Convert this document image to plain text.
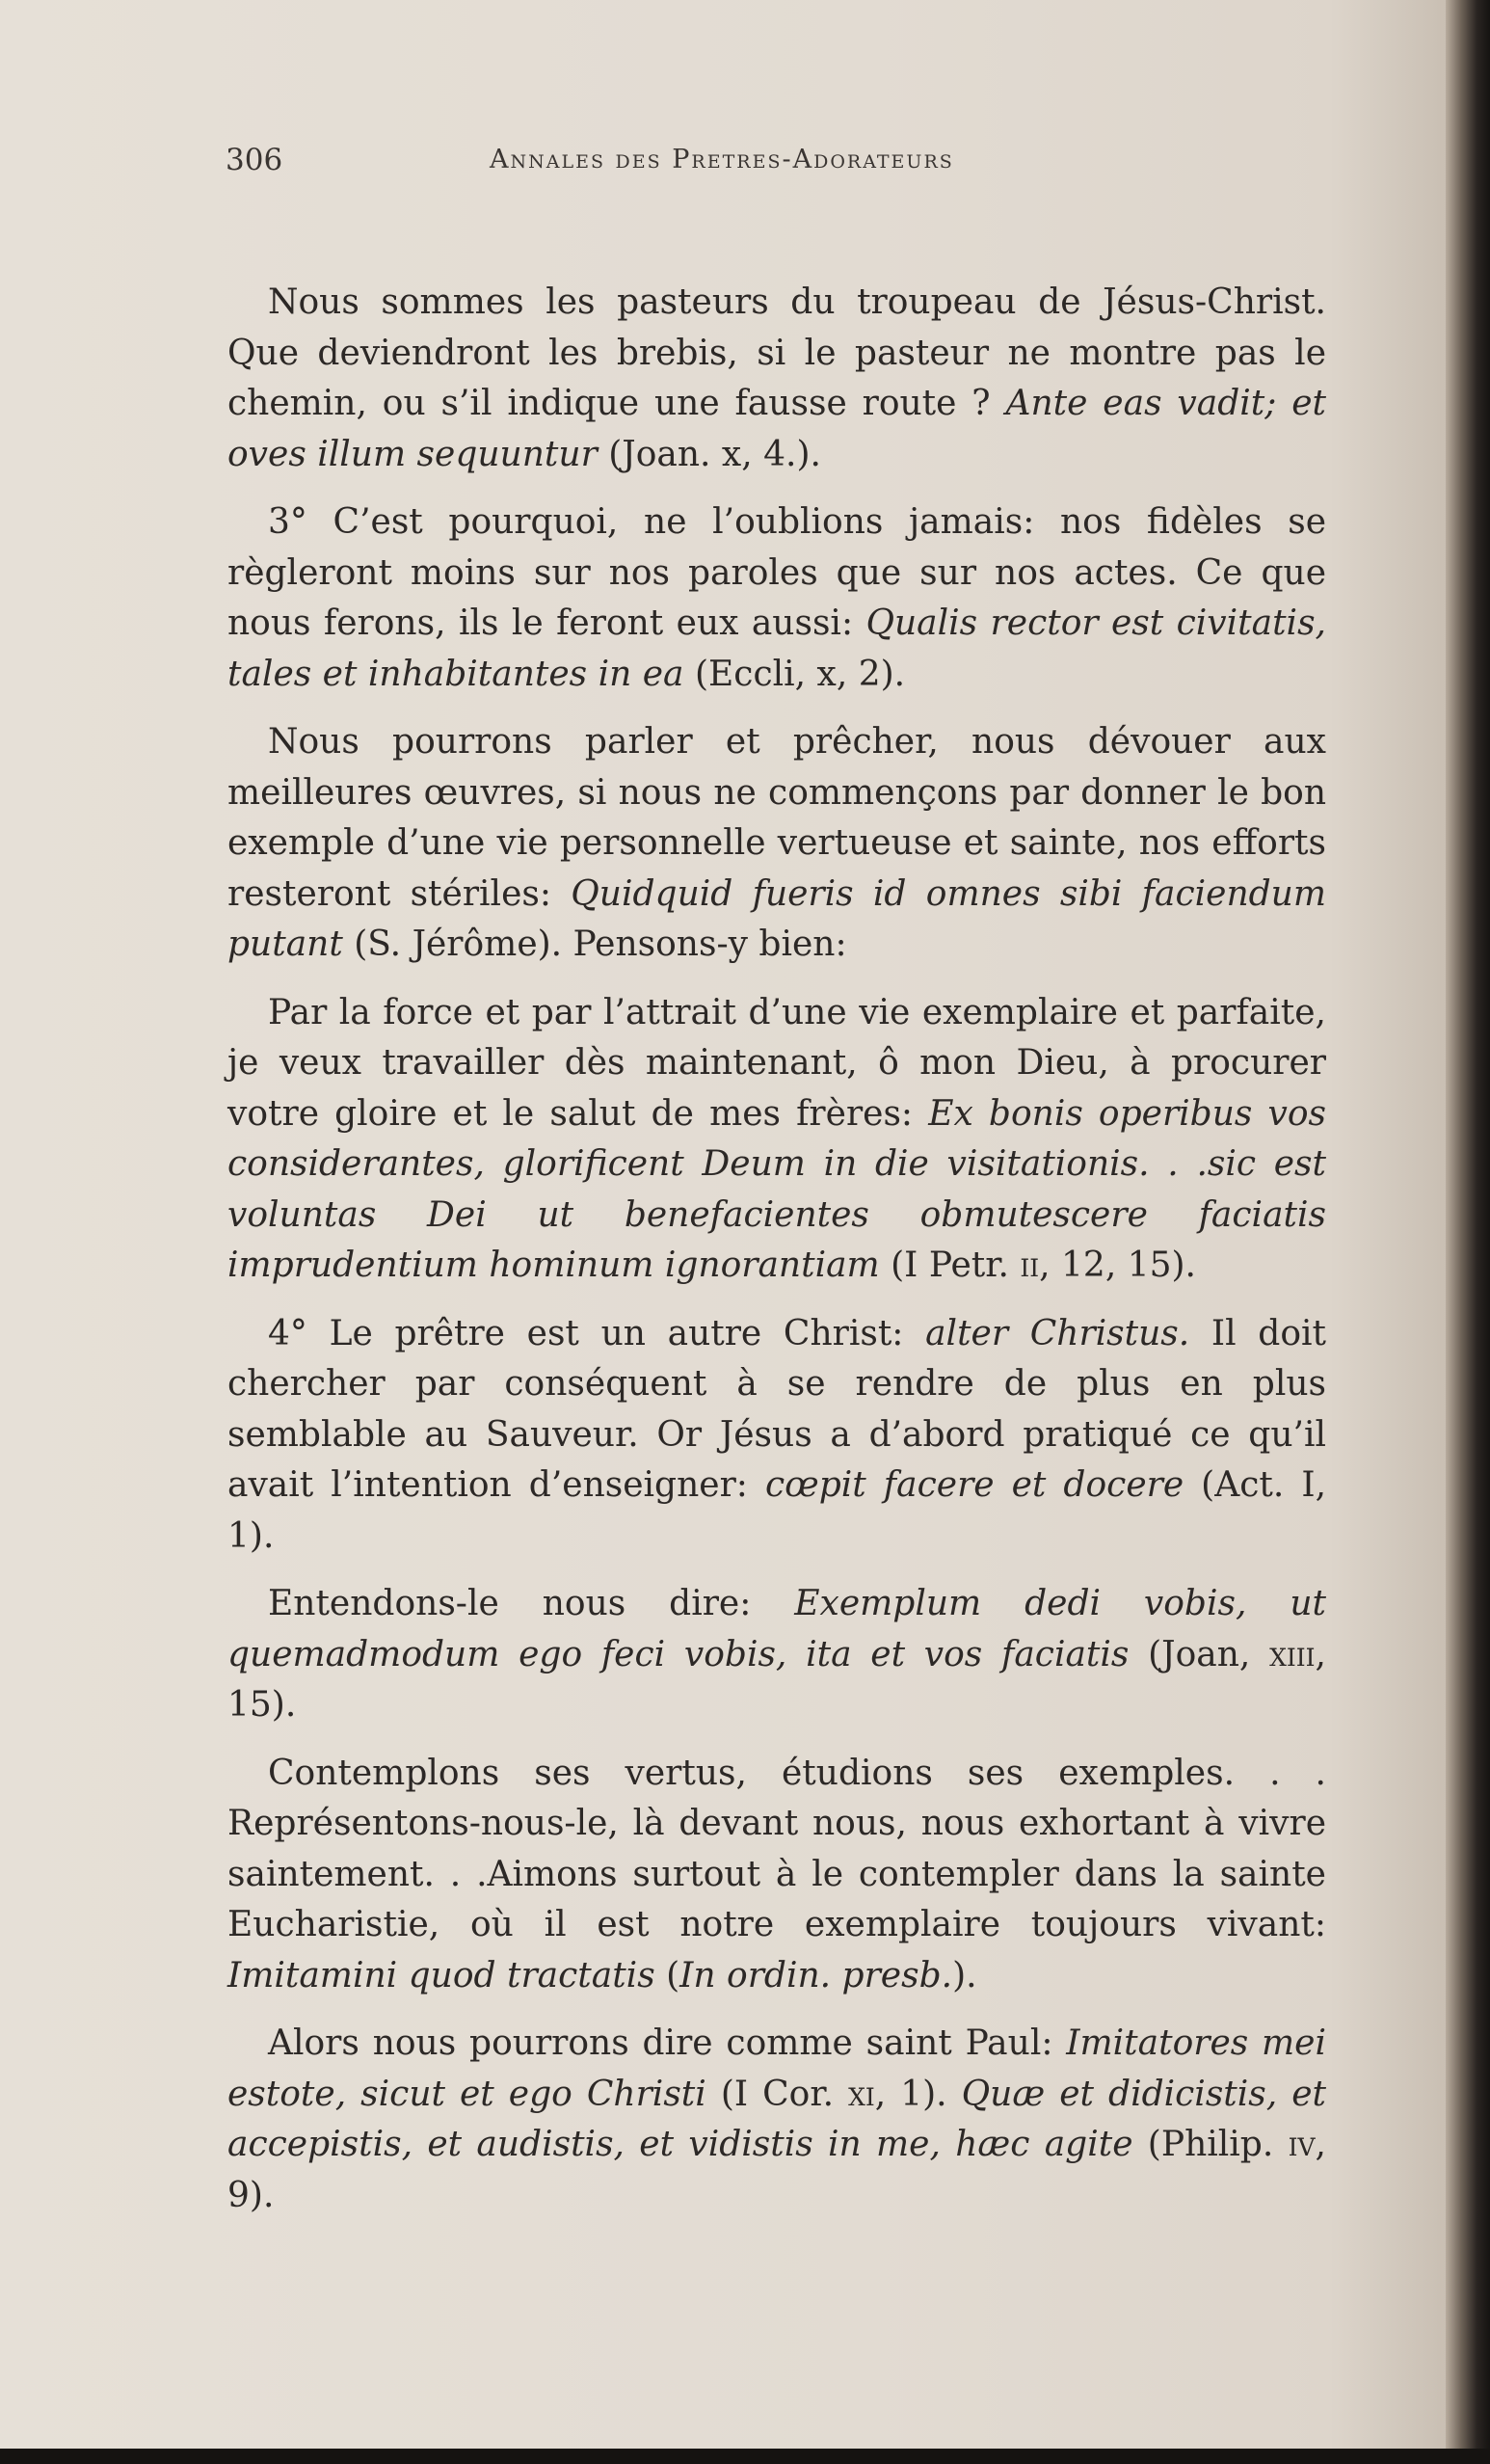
306	Annales des Pretres-Adorateurs

Nous sommes les pasteurs du troupeau de Jésus-Christ. Que deviendront les brebis, si le pasteur ne montre pas le chemin, ou s’il indique une fausse route ? Ante eas vadit; et oves illum sequuntur (Joan. x, 4.).

3° C’est pourquoi, ne l’oublions jamais: nos fidèles se règleront moins sur nos paroles que sur nos actes. Ce que nous ferons, ils le feront eux aussi: Qualis rector est civitatis, tales et inhabitantes in ea (Eccli, x, 2).

Nous pourrons parler et prêcher, nous dévouer aux meilleures œuvres, si nous ne commençons par donner le bon exemple d’une vie personnelle vertueuse et sainte, nos efforts resteront stériles: Quidquid fueris id omnes sibi faciendum putant (S. Jérôme). Pensons-y bien:

Par la force et par l’attrait d’une vie exemplaire et parfaite, je veux travailler dès maintenant, ô mon Dieu, à procurer votre gloire et le salut de mes frères: Ex bonis operibus vos considerantes, glorificent Deum in die visitationis. . .sic est voluntas Dei ut benefacientes obmutescere faciatis imprudentium hominum ignorantiam (I Petr. ii, 12, 15).

4° Le prêtre est un autre Christ: alter Christus. Il doit chercher par conséquent à se rendre de plus en plus semblable au Sauveur. Or Jésus a d’abord pratiqué ce qu’il avait l’intention d’enseigner: cœpit facere et docere (Act. I, 1).

Entendons-le nous dire: Exemplum dedi vobis, ut quemadmodum ego feci vobis, ita et vos faciatis (Joan, xiii, 15).

Contemplons ses vertus, étudions ses exemples. . . Représentons-nous-le, là devant nous, nous exhortant à vivre saintement. . .Aimons surtout à le contempler dans la sainte Eucharistie, où il est notre exemplaire toujours vivant: Imitamini quod tractatis (In ordin. presb.).

Alors nous pourrons dire comme saint Paul: Imitatores mei estote, sicut et ego Christi (I Cor. xi, 1). Quæ et didicistis, et accepistis, et audistis, et vidistis in me, hæc agite (Philip. iv, 9).
